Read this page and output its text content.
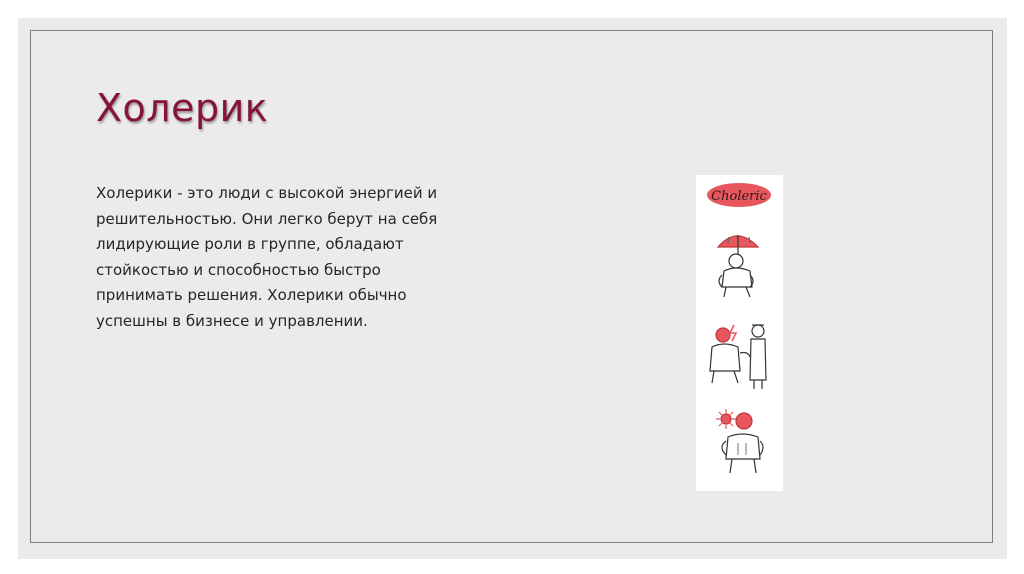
Холерик

Холерики - это люди с высокой энергией и решительностью. Они легко берут на себя лидирующие роли в группе, обладают стойкостью и способностью быстро принимать решения. Холерики обычно успешны в бизнесе и управлении.

Choleric
